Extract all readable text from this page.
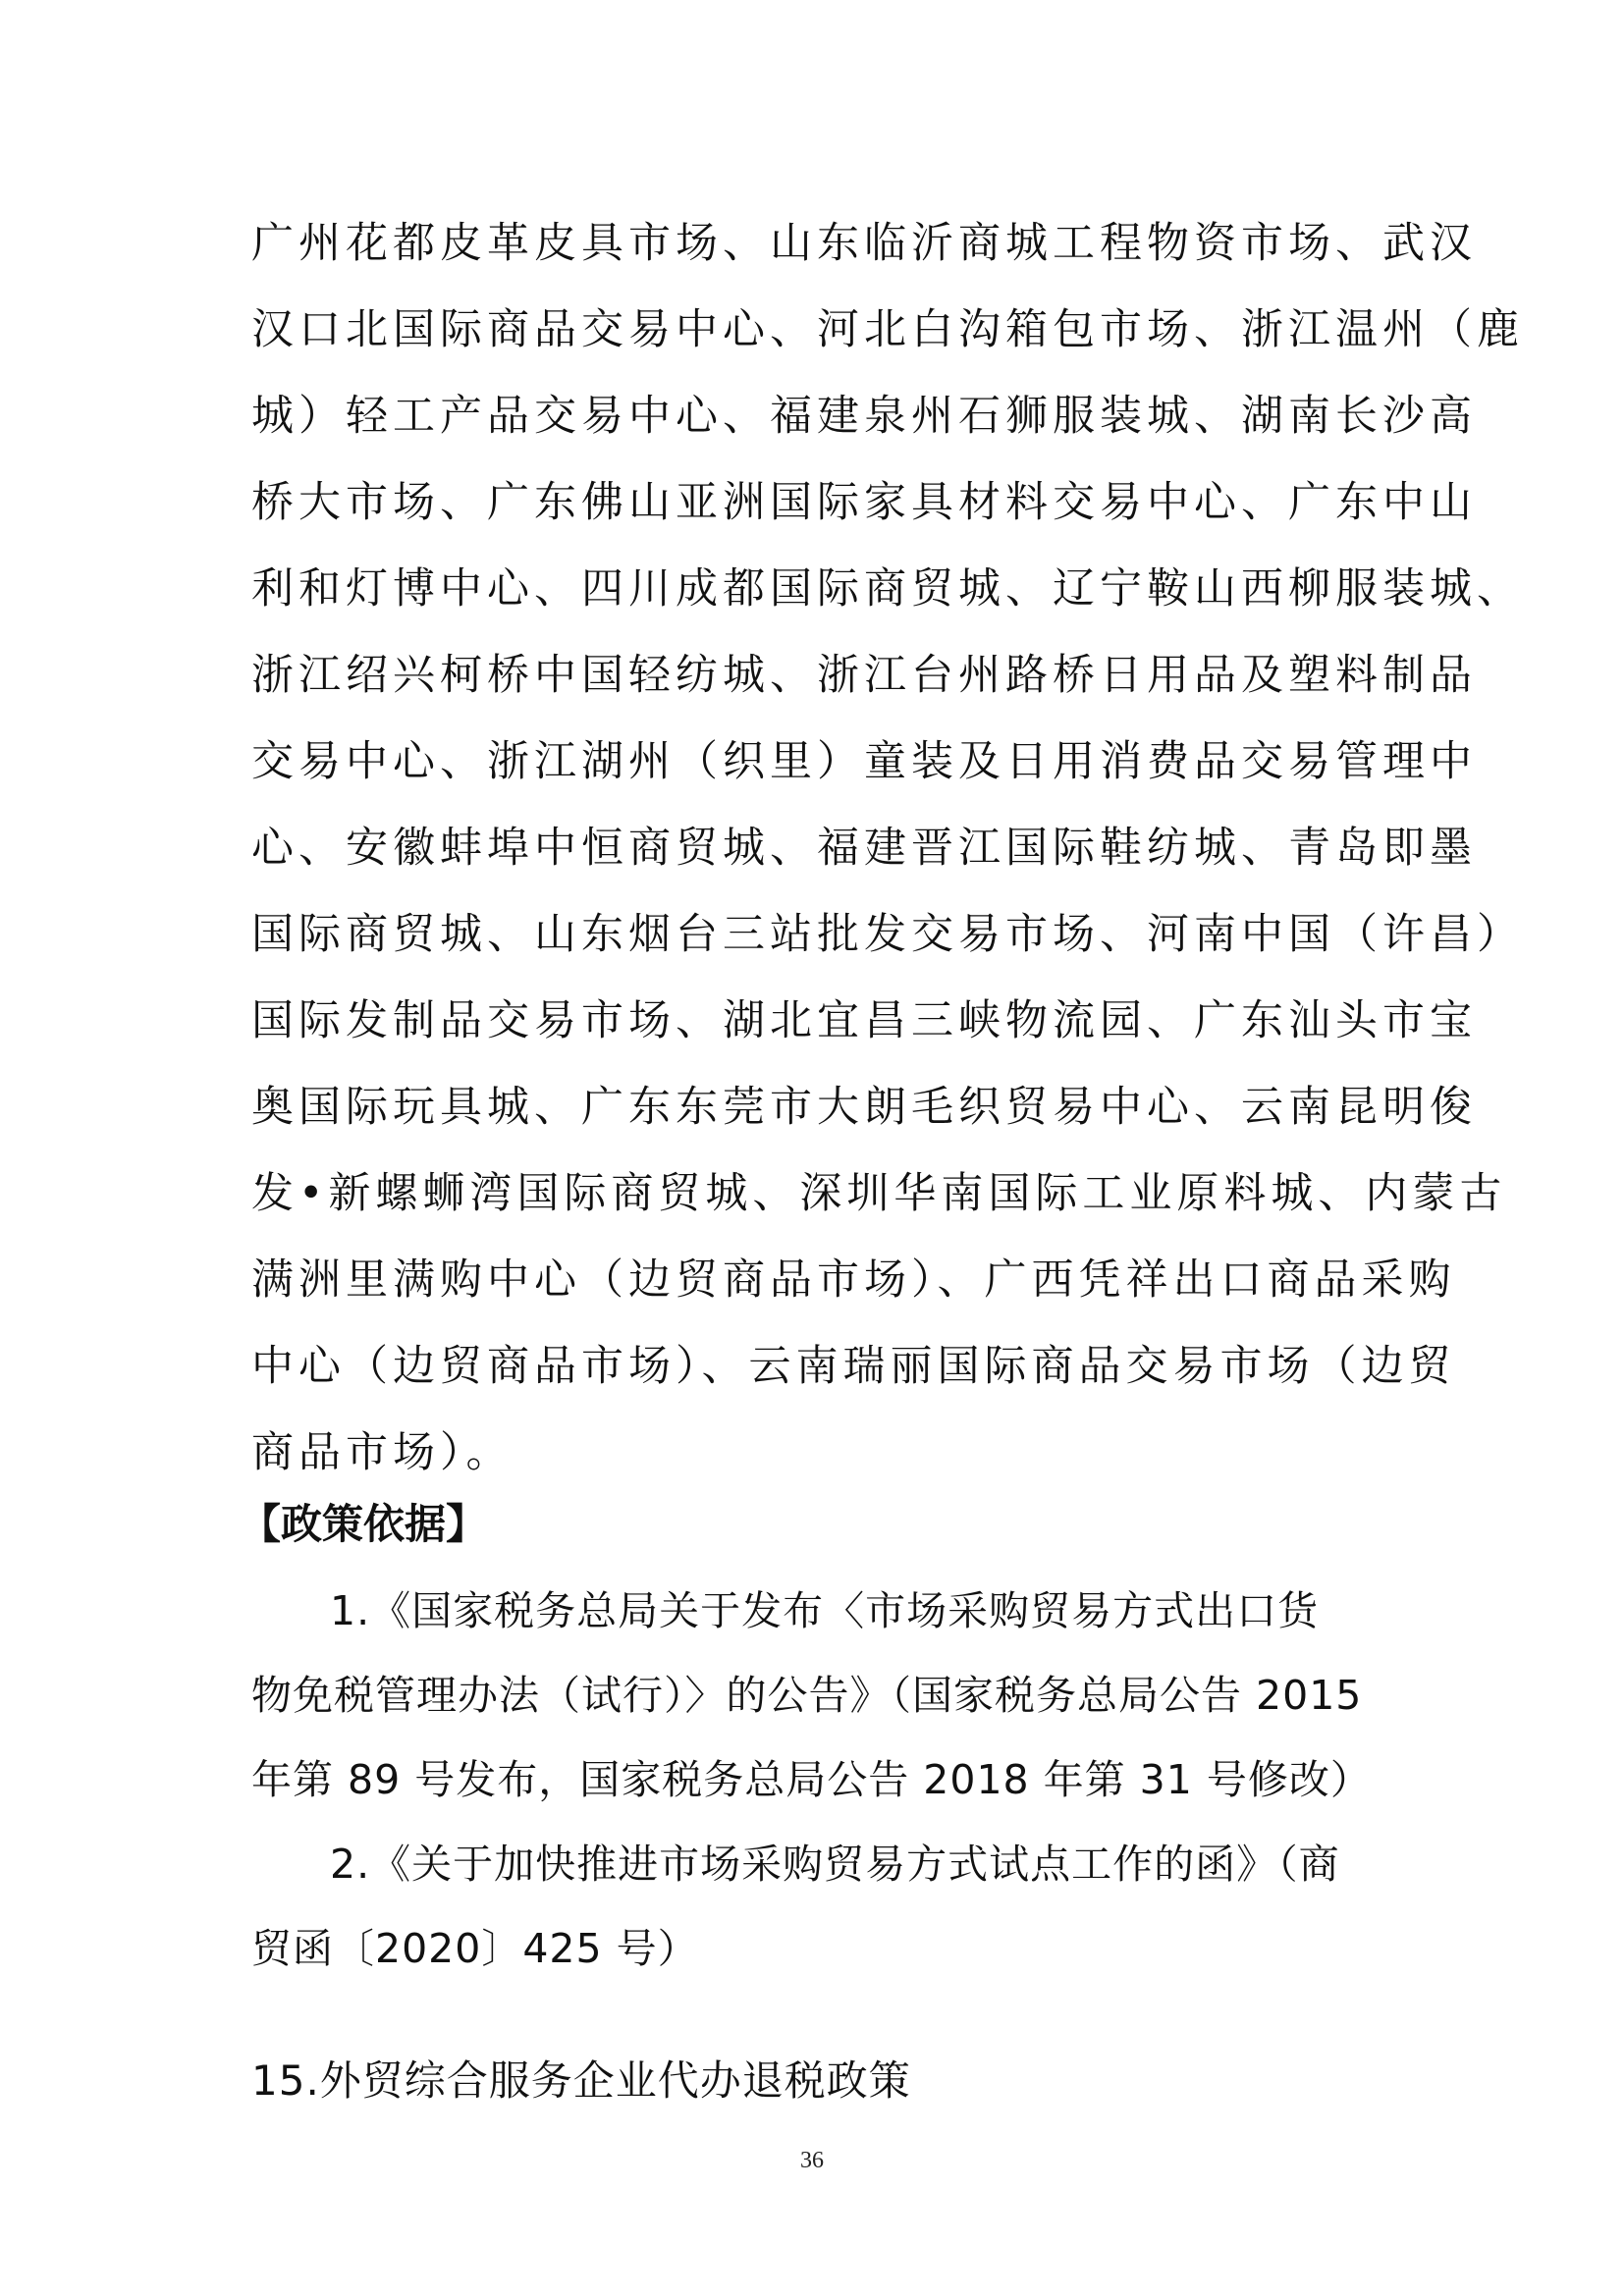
广州花都皮革皮具市场、山东临沂商城工程物资市场、武汉
汉口北国际商品交易中心、河北白沟箱包市场、浙江温州（鹿
城）轻工产品交易中心、福建泉州石狮服装城、湖南长沙高
桥大市场、广东佛山亚洲国际家具材料交易中心、广东中山
利和灯博中心、四川成都国际商贸城、辽宁鞍山西柳服装城、
浙江绍兴柯桥中国轻纺城、浙江台州路桥日用品及塑料制品
交易中心、浙江湖州（织里）童装及日用消费品交易管理中
心、安徽蚌埠中恒商贸城、福建晋江国际鞋纺城、青岛即墨
国际商贸城、山东烟台三站批发交易市场、河南中国（许昌）
国际发制品交易市场、湖北宜昌三峡物流园、广东汕头市宝
奥国际玩具城、广东东莞市大朗毛织贸易中心、云南昆明俊
发•新螺蛳湾国际商贸城、深圳华南国际工业原料城、内蒙古
满洲里满购中心（边贸商品市场）、广西凭祥出口商品采购
中心（边贸商品市场）、云南瑞丽国际商品交易市场（边贸
商品市场）。
【政策依据】
1.《国家税务总局关于发布〈市场采购贸易方式出口货
物免税管理办法（试行）〉的公告》（国家税务总局公告 2015
年第 89 号发布，国家税务总局公告 2018 年第 31 号修改）
2.《关于加快推进市场采购贸易方式试点工作的函》（商
贸函〔2020〕425 号）
15.外贸综合服务企业代办退税政策
36
